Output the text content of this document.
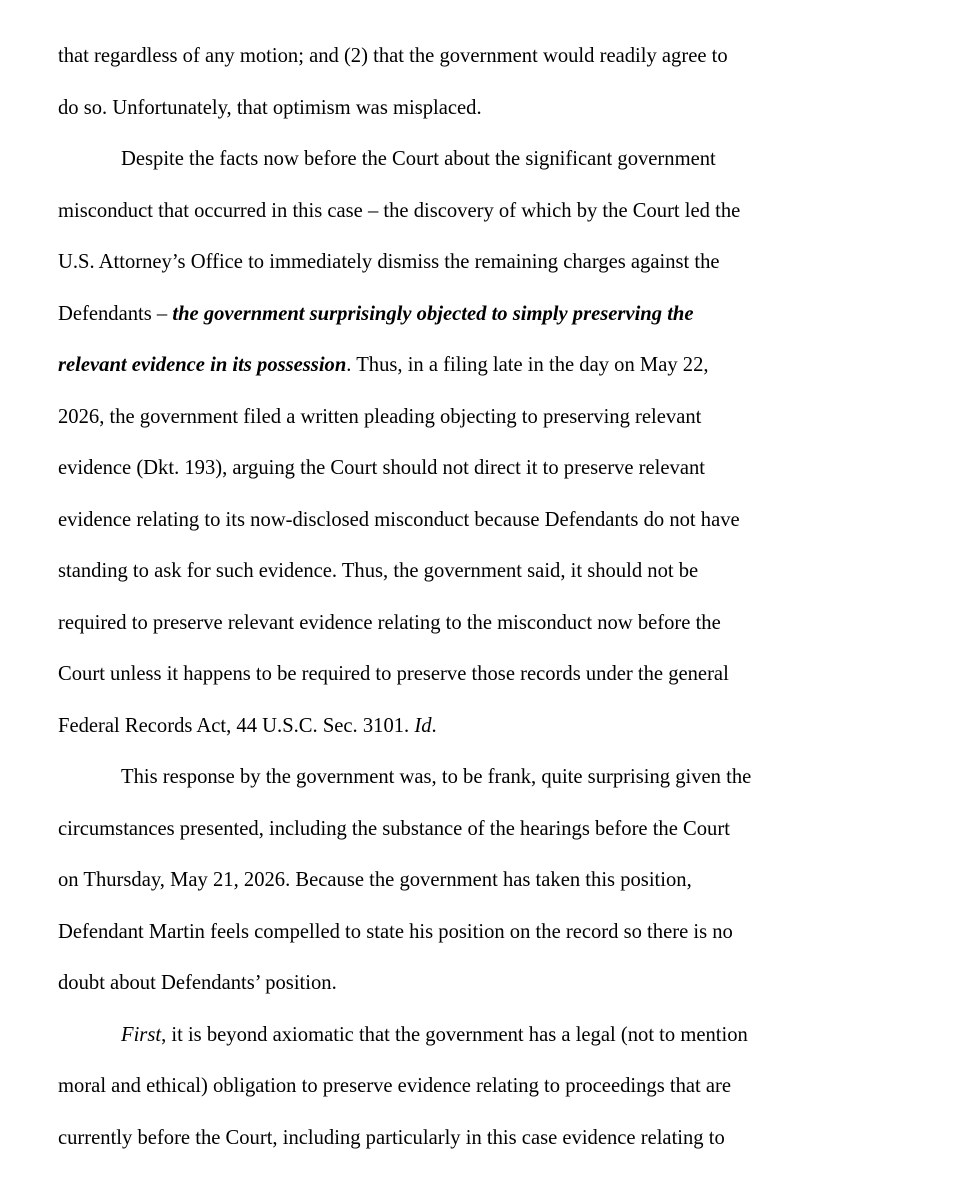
that regardless of any motion; and (2) that the government would readily agree to
do so. Unfortunately, that optimism was misplaced.
Despite the facts now before the Court about the significant government
misconduct that occurred in this case – the discovery of which by the Court led the
U.S. Attorney’s Office to immediately dismiss the remaining charges against the
Defendants – the government surprisingly objected to simply preserving the
relevant evidence in its possession. Thus, in a filing late in the day on May 22,
2026, the government filed a written pleading objecting to preserving relevant
evidence (Dkt. 193), arguing the Court should not direct it to preserve relevant
evidence relating to its now-disclosed misconduct because Defendants do not have
standing to ask for such evidence. Thus, the government said, it should not be
required to preserve relevant evidence relating to the misconduct now before the
Court unless it happens to be required to preserve those records under the general
Federal Records Act, 44 U.S.C. Sec. 3101. Id.
This response by the government was, to be frank, quite surprising given the
circumstances presented, including the substance of the hearings before the Court
on Thursday, May 21, 2026. Because the government has taken this position,
Defendant Martin feels compelled to state his position on the record so there is no
doubt about Defendants’ position.
First, it is beyond axiomatic that the government has a legal (not to mention
moral and ethical) obligation to preserve evidence relating to proceedings that are
currently before the Court, including particularly in this case evidence relating to
